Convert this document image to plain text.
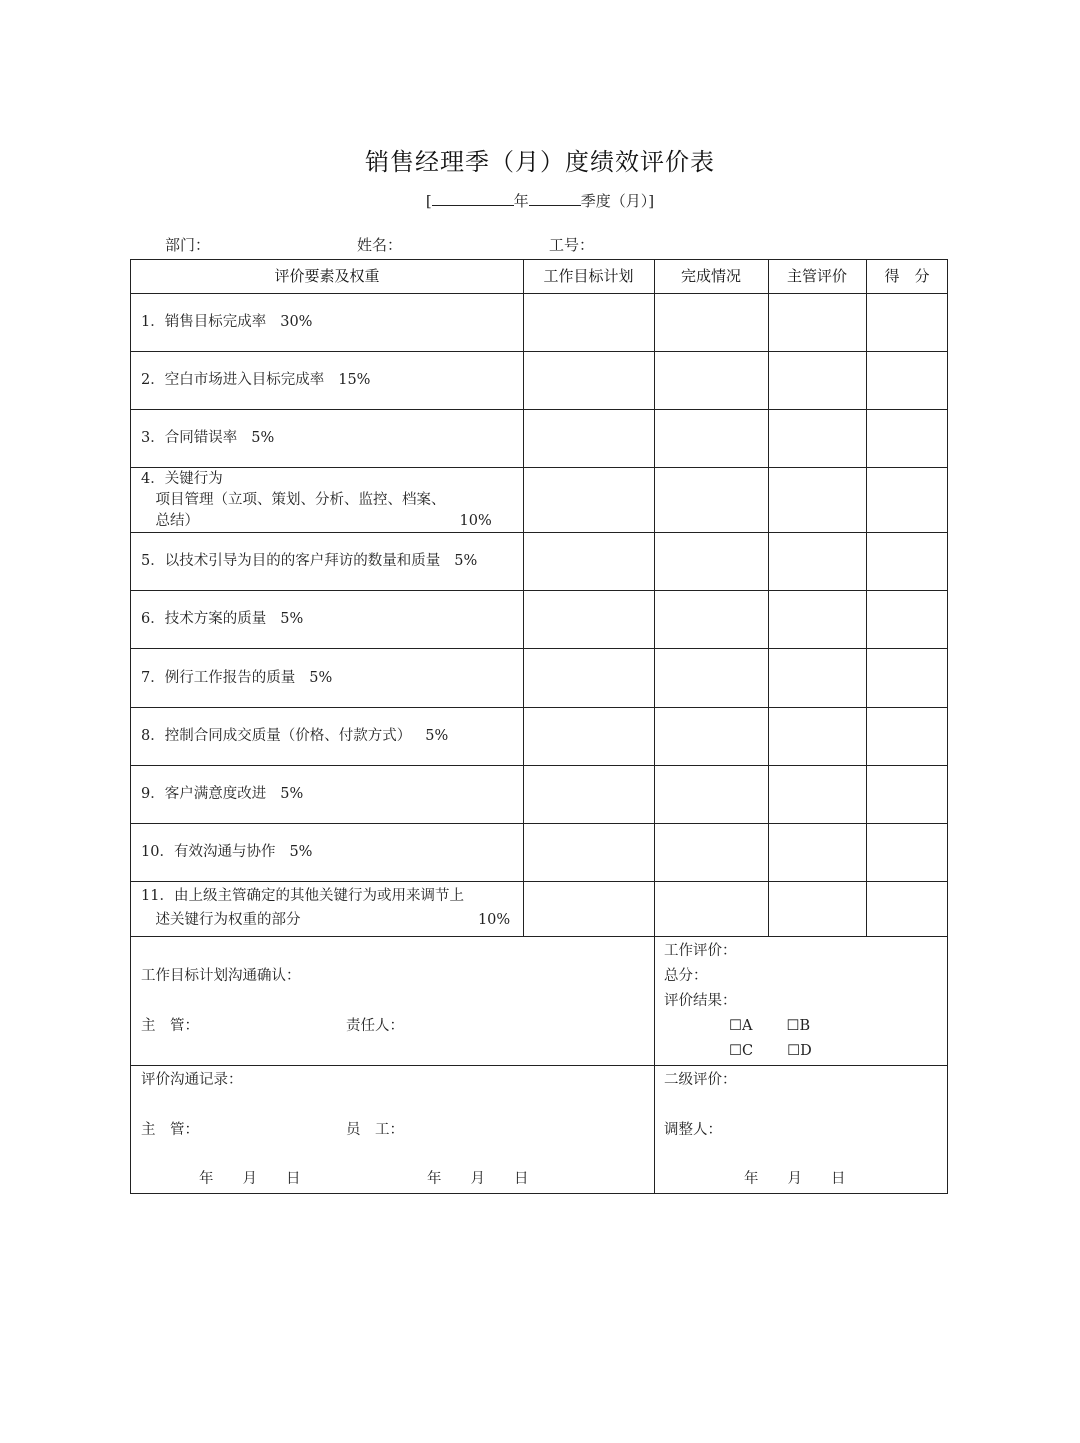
销售经理季（月）度绩效评价表
[	年	季度（月）]
部门：	姓名：	工号：
评价要素及权重	工作目标计划	完成情况	主管评价	得　分
1．销售目标完成率 30%
2．空白市场进入目标完成率 15%
3．合同错误率 5%
4．关键行为
　项目管理（立项、策划、分析、监控、档案、
　总结）	10%
5．以技术引导为目的的客户拜访的数量和质量 5%
6．技术方案的质量 5%
7．例行工作报告的质量 5%
8．控制合同成交质量（价格、付款方式） 5%
9．客户满意度改进 5%
10．有效沟通与协作 5%
11．由上级主管确定的其他关键行为或用来调节上
　述关键行为权重的部分	10%
工作目标计划沟通确认：
主　管：	责任人：
工作评价：
总分：
评价结果：
☐A ☐B
☐C ☐D
评价沟通记录：
主　管：	员　工：
年　　月　　日	年　　月　　日
二级评价：
调整人：
年　　月　　日
